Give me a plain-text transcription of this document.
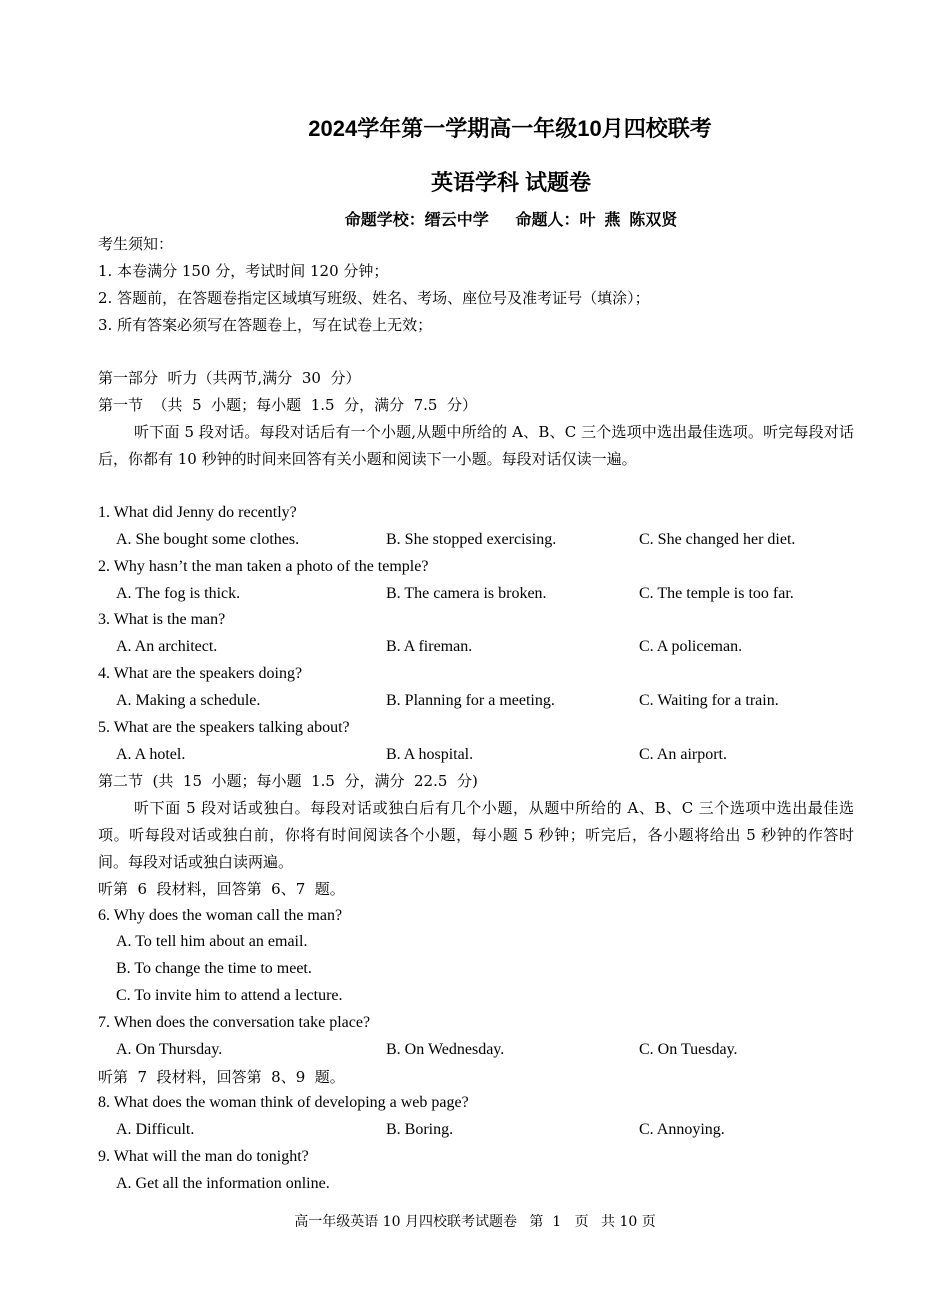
2024学年第一学期高一年级10月四校联考
英语学科 试题卷
命题学校：缙云中学      命题人：叶  燕  陈双贤
考生须知：
1. 本卷满分 150 分，考试时间 120 分钟；
2. 答题前，在答题卷指定区域填写班级、姓名、考场、座位号及准考证号（填涂）；
3. 所有答案必须写在答题卷上，写在试卷上无效；
第一部分  听力（共两节,满分  30  分）
第一节  （共  5  小题；每小题  1.5  分，满分  7.5  分）
听下面 5 段对话。每段对话后有一个小题,从题中所给的 A、B、C 三个选项中选出最佳选项。听完每段对话后，你都有 10 秒钟的时间来回答有关小题和阅读下一小题。每段对话仅读一遍。
1. What did Jenny do recently?
A. She bought some clothes.	B. She stopped exercising.	C. She changed her diet.
2. Why hasn’t the man taken a photo of the temple?
A. The fog is thick.	B. The camera is broken.	C. The temple is too far.
3. What is the man?
A. An architect.	B. A fireman.	C. A policeman.
4. What are the speakers doing?
A. Making a schedule.	B. Planning for a meeting.	C. Waiting for a train.
5. What are the speakers talking about?
A. A hotel.	B. A hospital.	C. An airport.
第二节  (共  15  小题；每小题  1.5  分，满分  22.5  分)
听下面 5 段对话或独白。每段对话或独白后有几个小题，从题中所给的 A、B、C 三个选项中选出最佳选项。听每段对话或独白前，你将有时间阅读各个小题，每小题 5 秒钟；听完后，各小题将给出 5 秒钟的作答时间。每段对话或独白读两遍。
听第  6  段材料，回答第  6、7  题。
6. Why does the woman call the man?
A. To tell him about an email.
B. To change the time to meet.
C. To invite him to attend a lecture.
7. When does the conversation take place?
A. On Thursday.	B. On Wednesday.	C. On Tuesday.
听第  7  段材料，回答第  8、9  题。
8. What does the woman think of developing a web page?
A. Difficult.	B. Boring.	C. Annoying.
9. What will the man do tonight?
A. Get all the information online.
高一年级英语 10 月四校联考试题卷 第  1   页 共 10 页
